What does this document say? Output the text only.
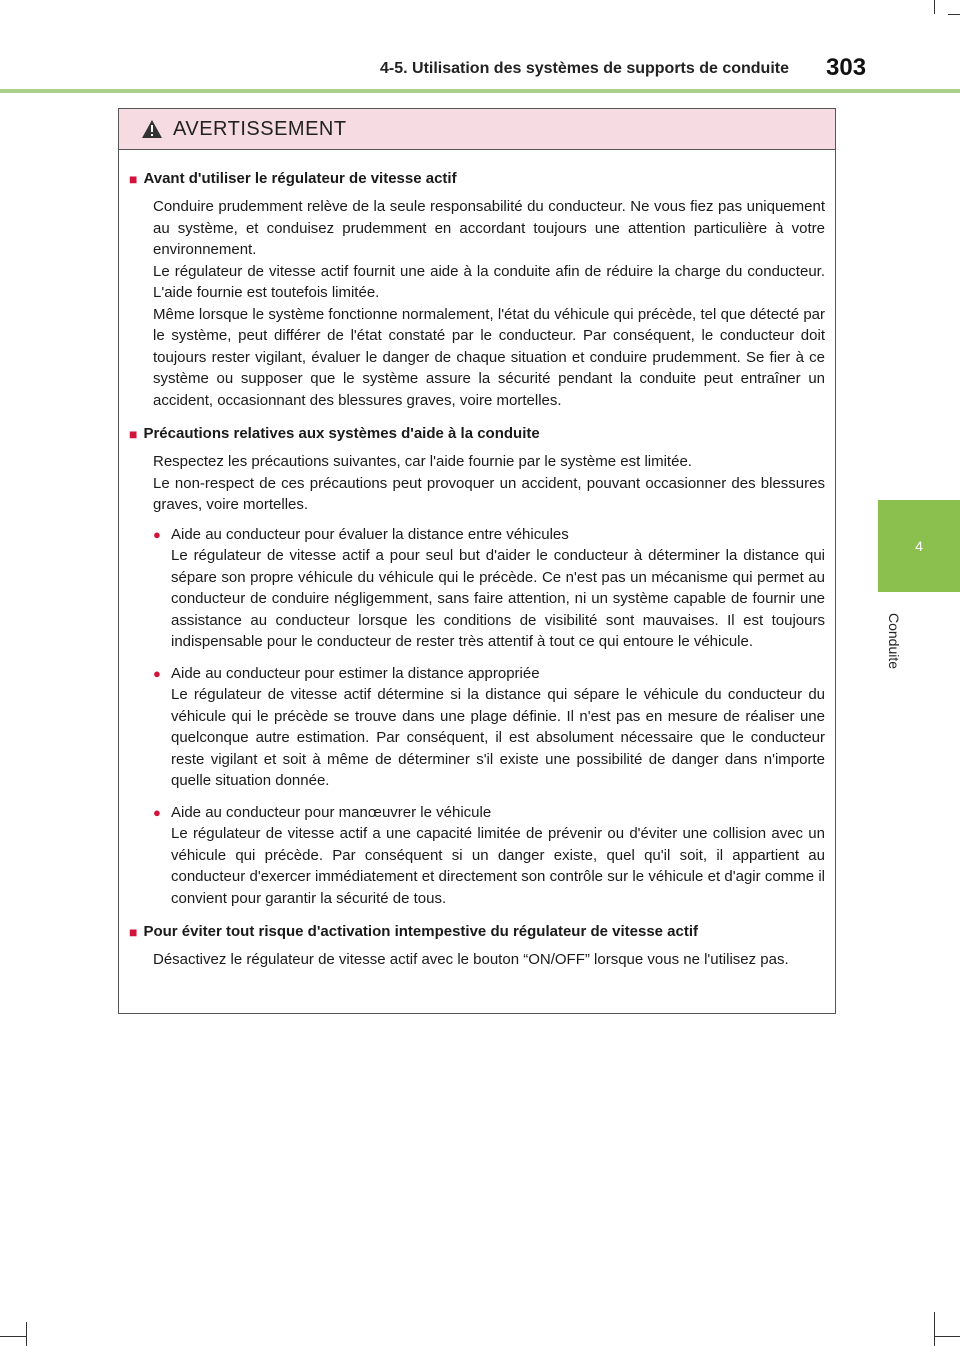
4-5. Utilisation des systèmes de supports de conduite 303
4
Conduite
AVERTISSEMENT
■ Avant d'utiliser le régulateur de vitesse actif

Conduire prudemment relève de la seule responsabilité du conducteur. Ne vous fiez pas uniquement au système, et conduisez prudemment en accordant toujours une attention particulière à votre environnement.

Le régulateur de vitesse actif fournit une aide à la conduite afin de réduire la charge du conducteur. L'aide fournie est toutefois limitée.

Même lorsque le système fonctionne normalement, l'état du véhicule qui précède, tel que détecté par le système, peut différer de l'état constaté par le conducteur. Par conséquent, le conducteur doit toujours rester vigilant, évaluer le danger de chaque situation et conduire prudemment. Se fier à ce système ou supposer que le système assure la sécurité pendant la conduite peut entraîner un accident, occasionnant des blessures graves, voire mortelles.

■ Précautions relatives aux systèmes d'aide à la conduite

Respectez les précautions suivantes, car l'aide fournie par le système est limitée.

Le non-respect de ces précautions peut provoquer un accident, pouvant occasionner des blessures graves, voire mortelles.

● Aide au conducteur pour évaluer la distance entre véhicules
Le régulateur de vitesse actif a pour seul but d'aider le conducteur à déterminer la distance qui sépare son propre véhicule du véhicule qui le précède. Ce n'est pas un mécanisme qui permet au conducteur de conduire négligemment, sans faire attention, ni un système capable de fournir une assistance au conducteur lorsque les conditions de visibilité sont mauvaises. Il est toujours indispensable pour le conducteur de rester très attentif à tout ce qui entoure le véhicule.
● Aide au conducteur pour estimer la distance appropriée
Le régulateur de vitesse actif détermine si la distance qui sépare le véhicule du conducteur du véhicule qui le précède se trouve dans une plage définie. Il n'est pas en mesure de réaliser une quelconque autre estimation. Par conséquent, il est absolument nécessaire que le conducteur reste vigilant et soit à même de déterminer s'il existe une possibilité de danger dans n'importe quelle situation donnée.
● Aide au conducteur pour manœuvrer le véhicule
Le régulateur de vitesse actif a une capacité limitée de prévenir ou d'éviter une collision avec un véhicule qui précède. Par conséquent si un danger existe, quel qu'il soit, il appartient au conducteur d'exercer immédiatement et directement son contrôle sur le véhicule et d'agir comme il convient pour garantir la sécurité de tous.
■ Pour éviter tout risque d'activation intempestive du régulateur de vitesse actif

Désactivez le régulateur de vitesse actif avec le bouton “ON/OFF” lorsque vous ne l'utilisez pas.
